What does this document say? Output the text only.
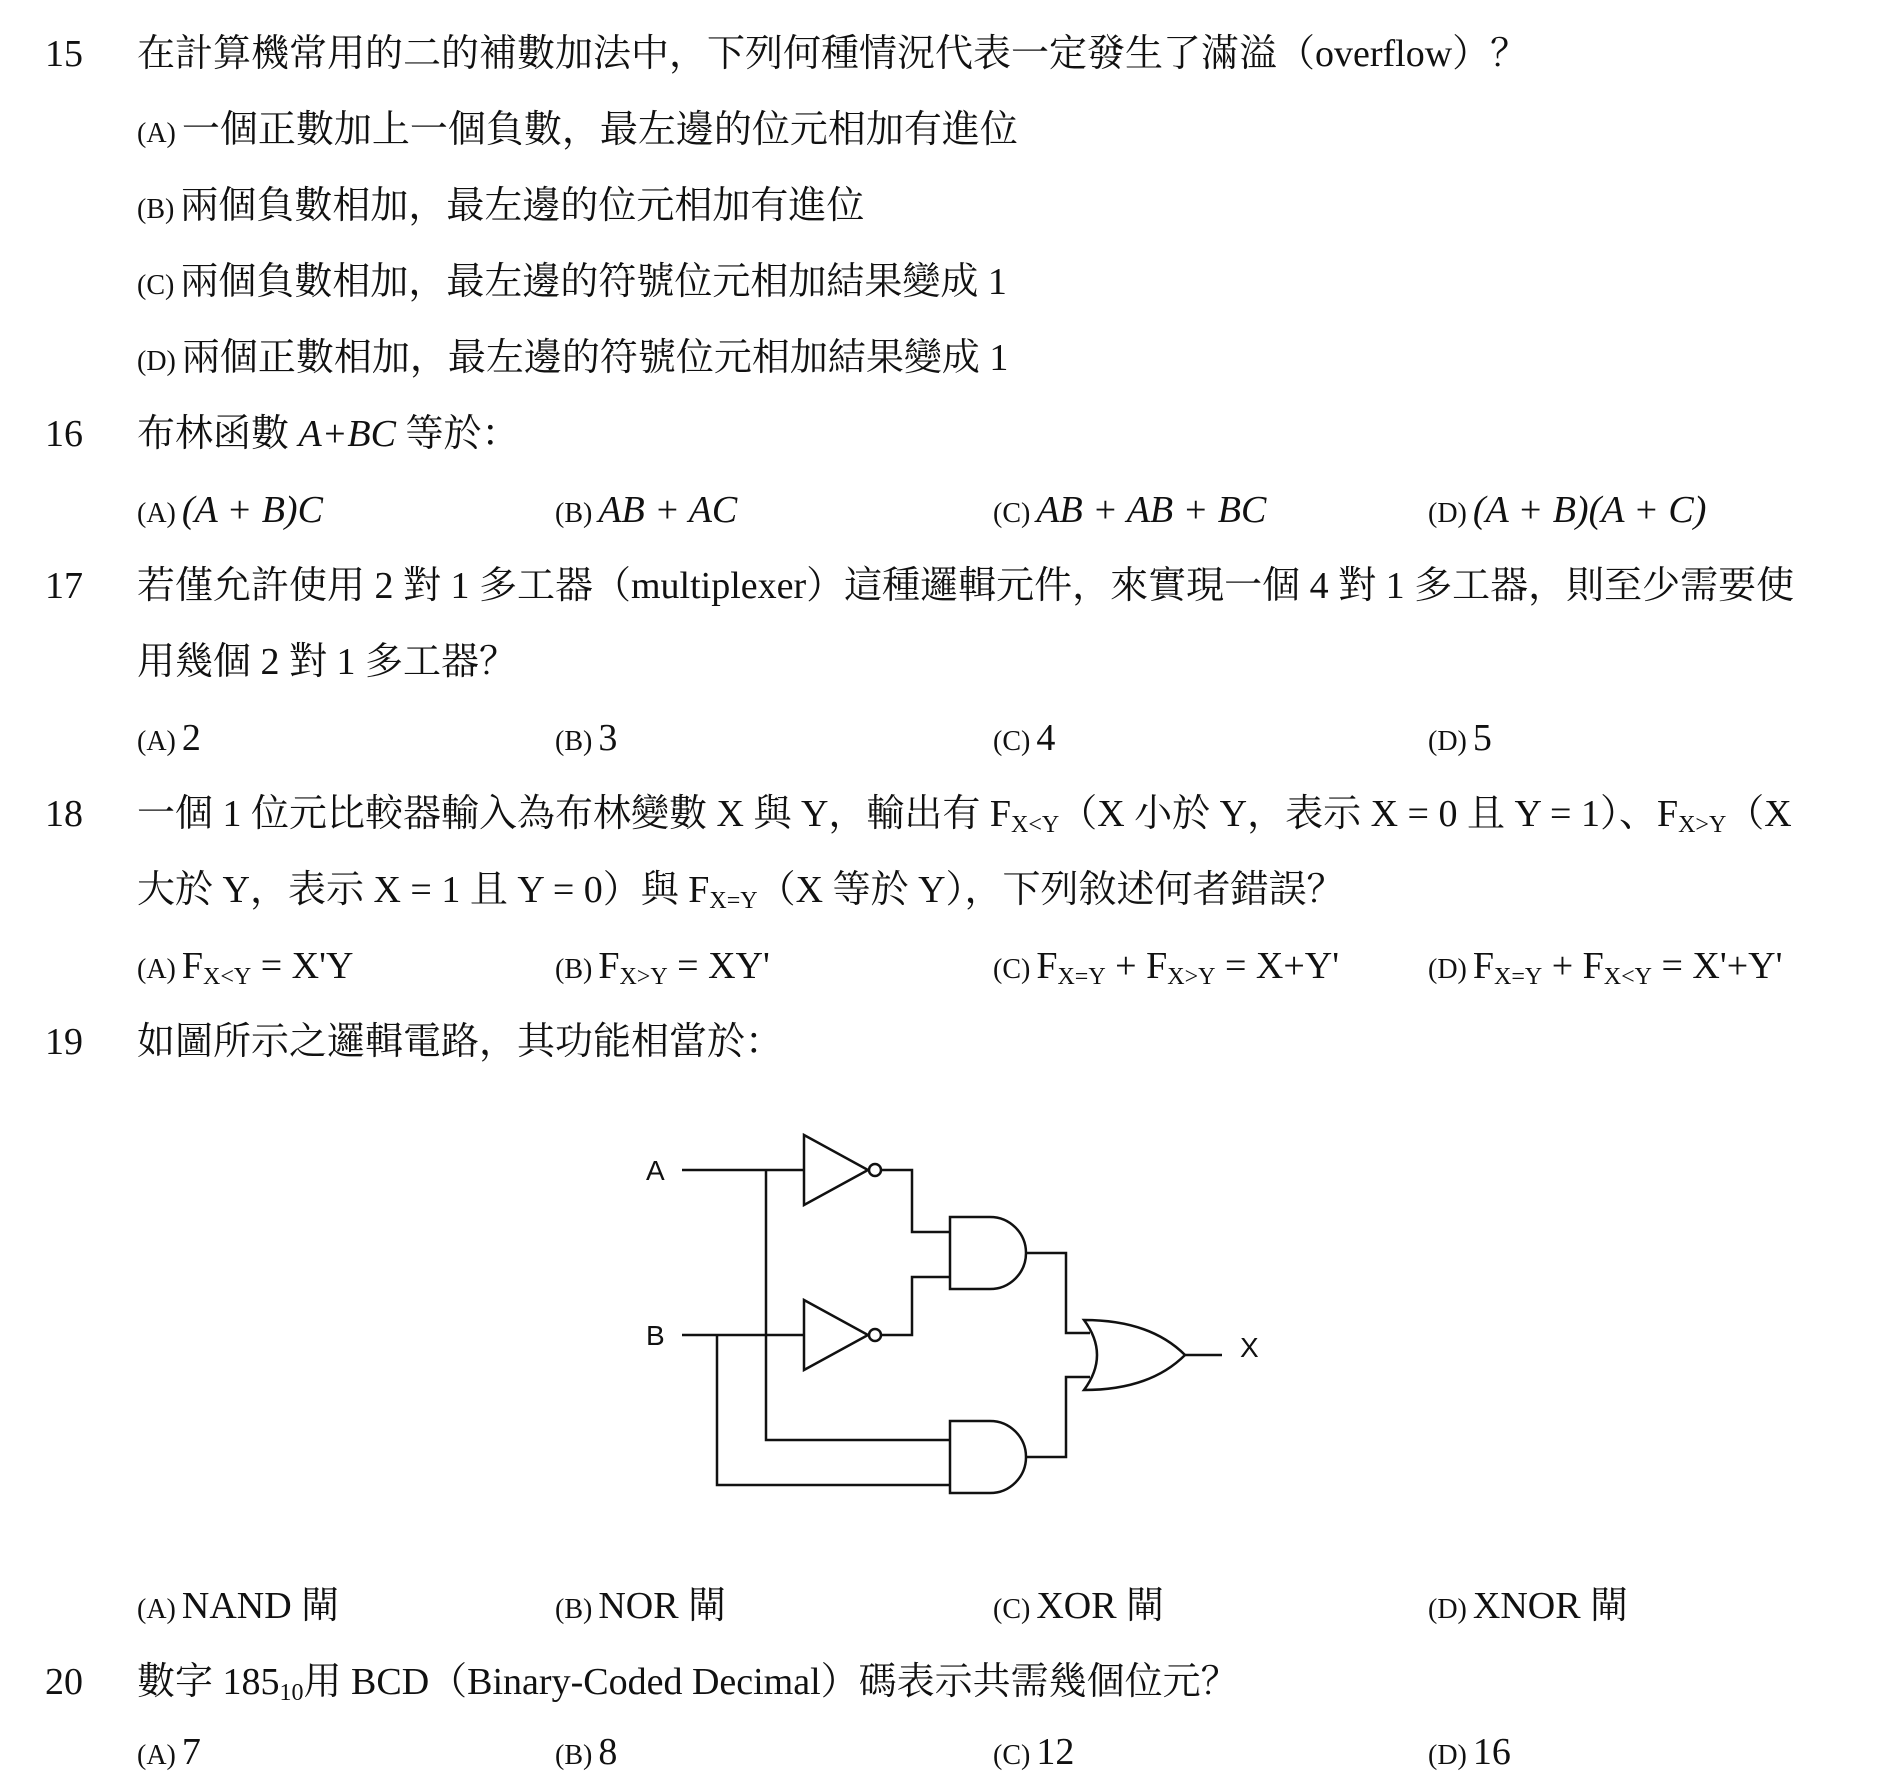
15 在計算機常用的二的補數加法中，下列何種情況代表一定發生了滿溢（overflow）？
(A) 一個正數加上一個負數，最左邊的位元相加有進位
(B) 兩個負數相加，最左邊的位元相加有進位
(C) 兩個負數相加，最左邊的符號位元相加結果變成 1
(D) 兩個正數相加，最左邊的符號位元相加結果變成 1
16 布林函數 A+BC 等於：
(A) (A + B)C	(B) AB + AC	(C) AB + AB + BC	(D) (A + B)(A + C)
17 若僅允許使用 2 對 1 多工器（multiplexer）這種邏輯元件，來實現一個 4 對 1 多工器，則至少需要使
用幾個 2 對 1 多工器？
(A) 2	(B) 3	(C) 4	(D) 5
18 一個 1 位元比較器輸入為布林變數 X 與 Y，輸出有 $F_{X<Y}(X$ 小於 Y，表示 X = 0 且 Y = 1）、$F_{X>Y}(X$
大於 Y，表示 X = 1 且 Y = 0）與 $F_{X=Y}(X$ 等於 Y），下列敘述何者錯誤？
(A) $F_{X<Y} = X'Y$	(B) $F_{X>Y} = XY'$	(C) $F_{X=Y} + F_{X>Y} = X+Y'$	(D) $F_{X=Y} + F_{X<Y} = X'+Y'$
19 如圖所示之邏輯電路，其功能相當於：
A
B	X
(A) NAND 閘	(B) NOR 閘	(C) XOR 閘	(D) XNOR 閘
20 數字 $185_{10}$用 BCD（Binary-Coded Decimal）碼表示共需幾個位元？
(A) 7	(B) 8	(C) 12	(D) 16
